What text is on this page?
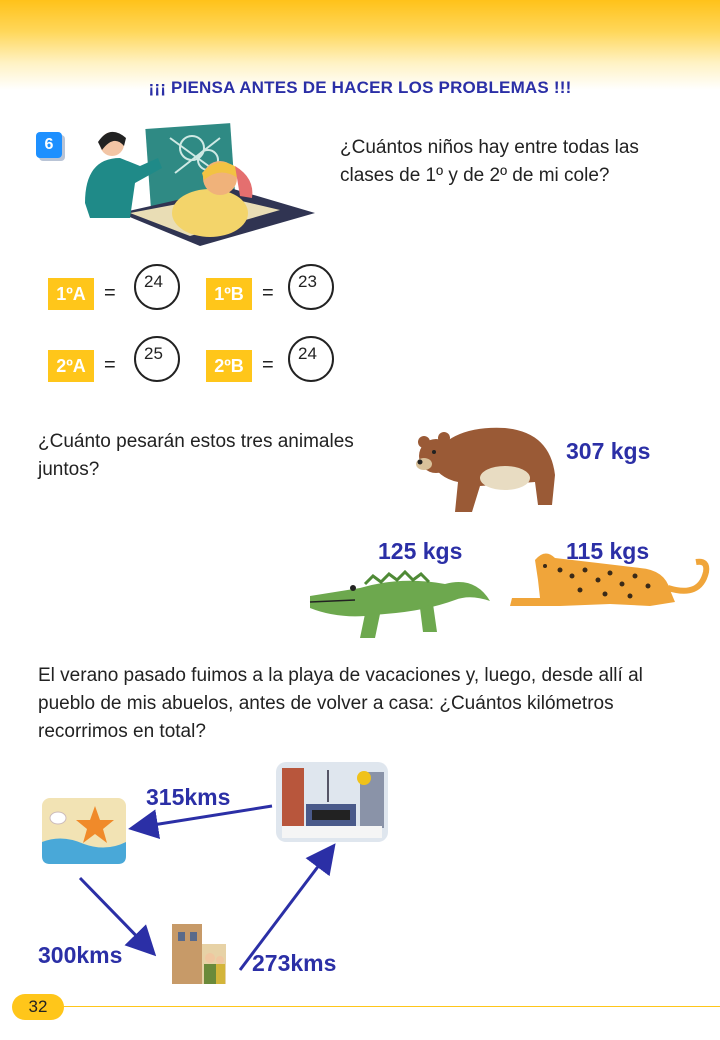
¡¡¡ PIENSA ANTES DE HACER LOS PROBLEMAS !!!
6	¿Cuántos niños hay entre todas las clases de 1º y de 2º de mi cole?
1ºA =
24
1ºB =
23
2ºA =
25
2ºB =
24
¿Cuánto pesarán estos tres animales juntos?
307 kgs
125 kgs	115 kgs
El verano pasado fuimos a la playa de vacaciones y, luego, desde allí al pueblo de mis abuelos, antes de volver a casa: ¿Cuántos kilómetros recorrimos en total?
315kms
300kms	273kms
32
